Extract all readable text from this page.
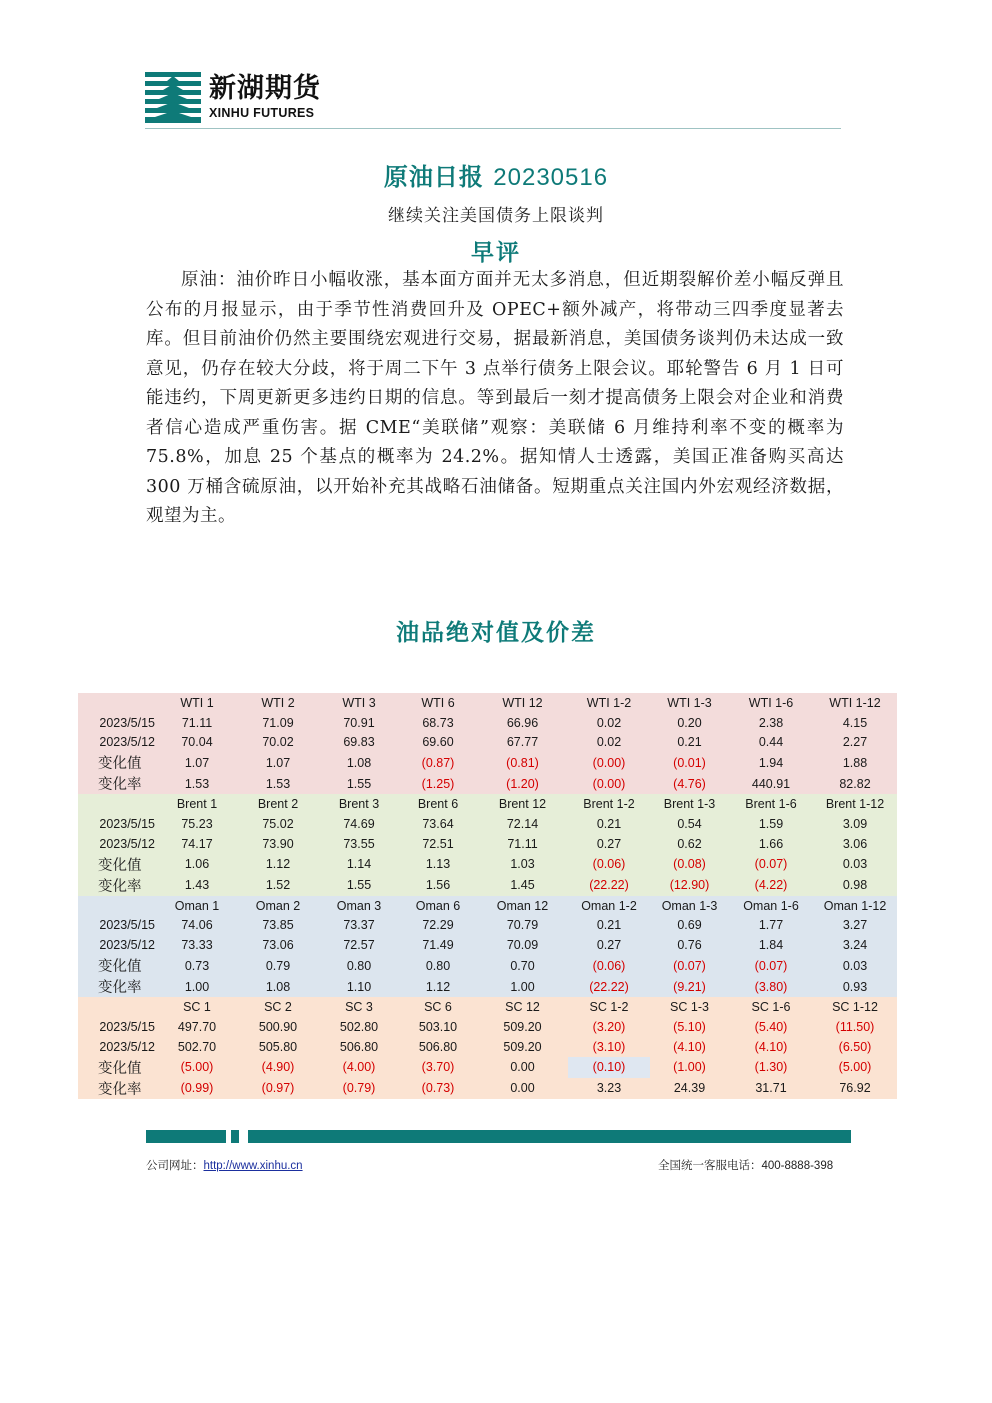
新湖期货
XINHU FUTURES
原油日报 20230516
继续关注美国债务上限谈判
早评
原油：油价昨日小幅收涨，基本面方面并无太多消息，但近期裂解价差小幅反弹且公布的月报显示，由于季节性消费回升及 OPEC+额外减产，将带动三四季度显著去库。但目前油价仍然主要围绕宏观进行交易，据最新消息，美国债务谈判仍未达成一致意见，仍存在较大分歧，将于周二下午 3 点举行债务上限会议。耶轮警告 6 月 1 日可能违约，下周更新更多违约日期的信息。等到最后一刻才提高债务上限会对企业和消费者信心造成严重伤害。据 CME“美联储”观察：美联储 6 月维持利率不变的概率为 75.8%，加息 25 个基点的概率为 24.2%。据知情人士透露，美国正准备购买高达 300 万桶含硫原油，以开始补充其战略石油储备。短期重点关注国内外宏观经济数据，观望为主。
油品绝对值及价差
	WTI 1	WTI 2	WTI 3	WTI 6	WTI 12	WTI 1-2	WTI 1-3	WTI 1-6	WTI 1-12
2023/5/15	71.11	71.09	70.91	68.73	66.96	0.02	0.20	2.38	4.15
2023/5/12	70.04	70.02	69.83	69.60	67.77	0.02	0.21	0.44	2.27
变化值	1.07	1.07	1.08	(0.87)	(0.81)	(0.00)	(0.01)	1.94	1.88
变化率	1.53	1.53	1.55	(1.25)	(1.20)	(0.00)	(4.76)	440.91	82.82
	Brent 1	Brent 2	Brent 3	Brent 6	Brent 12	Brent 1-2	Brent 1-3	Brent 1-6	Brent 1-12
2023/5/15	75.23	75.02	74.69	73.64	72.14	0.21	0.54	1.59	3.09
2023/5/12	74.17	73.90	73.55	72.51	71.11	0.27	0.62	1.66	3.06
变化值	1.06	1.12	1.14	1.13	1.03	(0.06)	(0.08)	(0.07)	0.03
变化率	1.43	1.52	1.55	1.56	1.45	(22.22)	(12.90)	(4.22)	0.98
	Oman 1	Oman 2	Oman 3	Oman 6	Oman 12	Oman 1-2	Oman 1-3	Oman 1-6	Oman 1-12
2023/5/15	74.06	73.85	73.37	72.29	70.79	0.21	0.69	1.77	3.27
2023/5/12	73.33	73.06	72.57	71.49	70.09	0.27	0.76	1.84	3.24
变化值	0.73	0.79	0.80	0.80	0.70	(0.06)	(0.07)	(0.07)	0.03
变化率	1.00	1.08	1.10	1.12	1.00	(22.22)	(9.21)	(3.80)	0.93
	SC 1	SC 2	SC 3	SC 6	SC 12	SC 1-2	SC 1-3	SC 1-6	SC 1-12
2023/5/15	497.70	500.90	502.80	503.10	509.20	(3.20)	(5.10)	(5.40)	(11.50)
2023/5/12	502.70	505.80	506.80	506.80	509.20	(3.10)	(4.10)	(4.10)	(6.50)
变化值	(5.00)	(4.90)	(4.00)	(3.70)	0.00	(0.10)	(1.00)	(1.30)	(5.00)
变化率	(0.99)	(0.97)	(0.79)	(0.73)	0.00	3.23	24.39	31.71	76.92
公司网址：http://www.xinhu.cn	全国统一客服电话：400-8888-398
